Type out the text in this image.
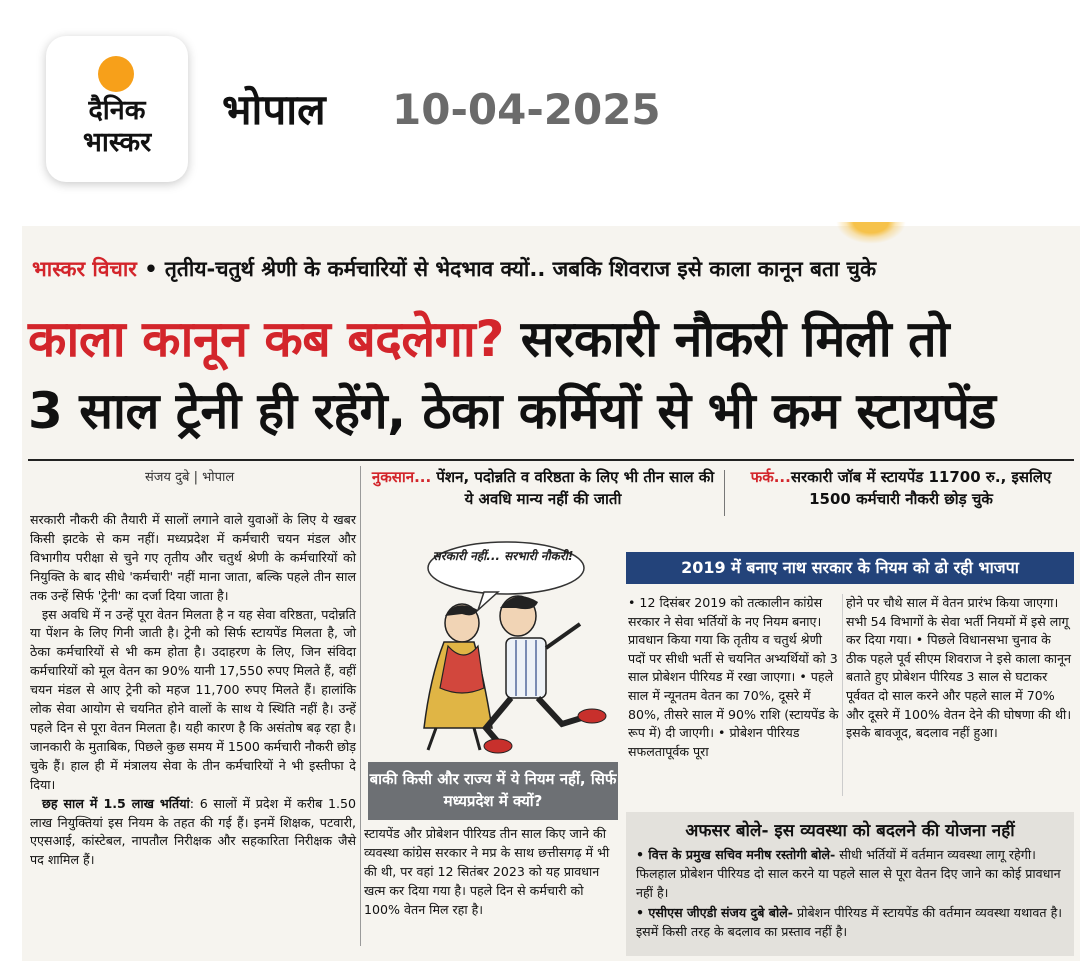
दैनिक
भास्कर
भोपाल 10-04-2025
भास्कर विचार • तृतीय-चतुर्थ श्रेणी के कर्मचारियों से भेदभाव क्यों.. जबकि शिवराज इसे काला कानून बता चुके
काला कानून कब बदलेगा? सरकारी नौकरी मिली तो
3 साल ट्रेनी ही रहेंगे, ठेका कर्मियों से भी कम स्टायपेंड
संजय दुबे | भोपाल

सरकारी नौकरी की तैयारी में सालों लगाने वाले युवाओं के लिए ये खबर किसी झटके से कम नहीं। मध्यप्रदेश में कर्मचारी चयन मंडल और विभागीय परीक्षा से चुने गए तृतीय और चतुर्थ श्रेणी के कर्मचारियों को नियुक्ति के बाद सीधे 'कर्मचारी' नहीं माना जाता, बल्कि पहले तीन साल तक उन्हें सिर्फ 'ट्रेनी' का दर्जा दिया जाता है।

इस अवधि में न उन्हें पूरा वेतन मिलता है न यह सेवा वरिष्ठता, पदोन्नति या पेंशन के लिए गिनी जाती है। ट्रेनी को सिर्फ स्टायपेंड मिलता है, जो ठेका कर्मचारियों से भी कम होता है। उदाहरण के लिए, जिन संविदा कर्मचारियों को मूल वेतन का 90% यानी 17,550 रुपए मिलते हैं, वहीं चयन मंडल से आए ट्रेनी को महज 11,700 रुपए मिलते हैं। हालांकि लोक सेवा आयोग से चयनित होने वालों के साथ ये स्थिति नहीं है। उन्हें पहले दिन से पूरा वेतन मिलता है। यही कारण है कि असंतोष बढ़ रहा है। जानकारी के मुताबिक, पिछले कुछ समय में 1500 कर्मचारी नौकरी छोड़ चुके हैं। हाल ही में मंत्रालय सेवा के तीन कर्मचारियों ने भी इस्तीफा दे दिया।

छह साल में 1.5 लाख भर्तियां: 6 सालों में प्रदेश में करीब 1.50 लाख नियुक्तियां इस नियम के तहत की गई हैं। इनमें शिक्षक, पटवारी, एएसआई, कांस्टेबल, नापतौल निरीक्षक और सहकारिता निरीक्षक जैसे पद शामिल हैं।

नुकसान... पेंशन, पदोन्नति व वरिष्ठता के लिए भी तीन साल की ये अवधि मान्य नहीं की जाती
फर्क...सरकारी जॉब में स्टायपेंड 11700 रु., इसलिए 1500 कर्मचारी नौकरी छोड़ चुके
सरकारी नहीं... सरभारी नौकरी!
बाकी किसी और राज्य में ये नियम नहीं, सिर्फ मध्यप्रदेश में क्यों?
स्टायपेंड और प्रोबेशन पीरियड तीन साल किए जाने की व्यवस्था कांग्रेस सरकार ने मप्र के साथ छत्तीसगढ़ में भी की थी, पर वहां 12 सितंबर 2023 को यह प्रावधान खत्म कर दिया गया है। पहले दिन से कर्मचारी को 100% वेतन मिल रहा है।
2019 में बनाए नाथ सरकार के नियम को ढो रही भाजपा
• 12 दिसंबर 2019 को तत्कालीन कांग्रेस सरकार ने सेवा भर्तियों के नए नियम बनाए। प्रावधान किया गया कि तृतीय व चतुर्थ श्रेणी पदों पर सीधी भर्ती से चयनित अभ्यर्थियों को 3 साल प्रोबेशन पीरियड में रखा जाएगा। • पहले साल में न्यूनतम वेतन का 70%, दूसरे में 80%, तीसरे साल में 90% राशि (स्टायपेंड के रूप में) दी जाएगी। • प्रोबेशन पीरियड सफलतापूर्वक पूरा
होने पर चौथे साल में वेतन प्रारंभ किया जाएगा। सभी 54 विभागों के सेवा भर्ती नियमों में इसे लागू कर दिया गया। • पिछले विधानसभा चुनाव के ठीक पहले पूर्व सीएम शिवराज ने इसे काला कानून बताते हुए प्रोबेशन पीरियड 3 साल से घटाकर पूर्ववत दो साल करने और पहले साल में 70% और दूसरे में 100% वेतन देने की घोषणा की थी। इसके बावजूद, बदलाव नहीं हुआ।
अफसर बोले- इस व्यवस्था को बदलने की योजना नहीं

• वित्त के प्रमुख सचिव मनीष रस्तोगी बोले- सीधी भर्तियों में वर्तमान व्यवस्था लागू रहेगी। फिलहाल प्रोबेशन पीरियड दो साल करने या पहले साल से पूरा वेतन दिए जाने का कोई प्रावधान नहीं है।

• एसीएस जीएडी संजय दुबे बोले- प्रोबेशन पीरियड में स्टायपेंड की वर्तमान व्यवस्था यथावत है। इसमें किसी तरह के बदलाव का प्रस्ताव नहीं है।
